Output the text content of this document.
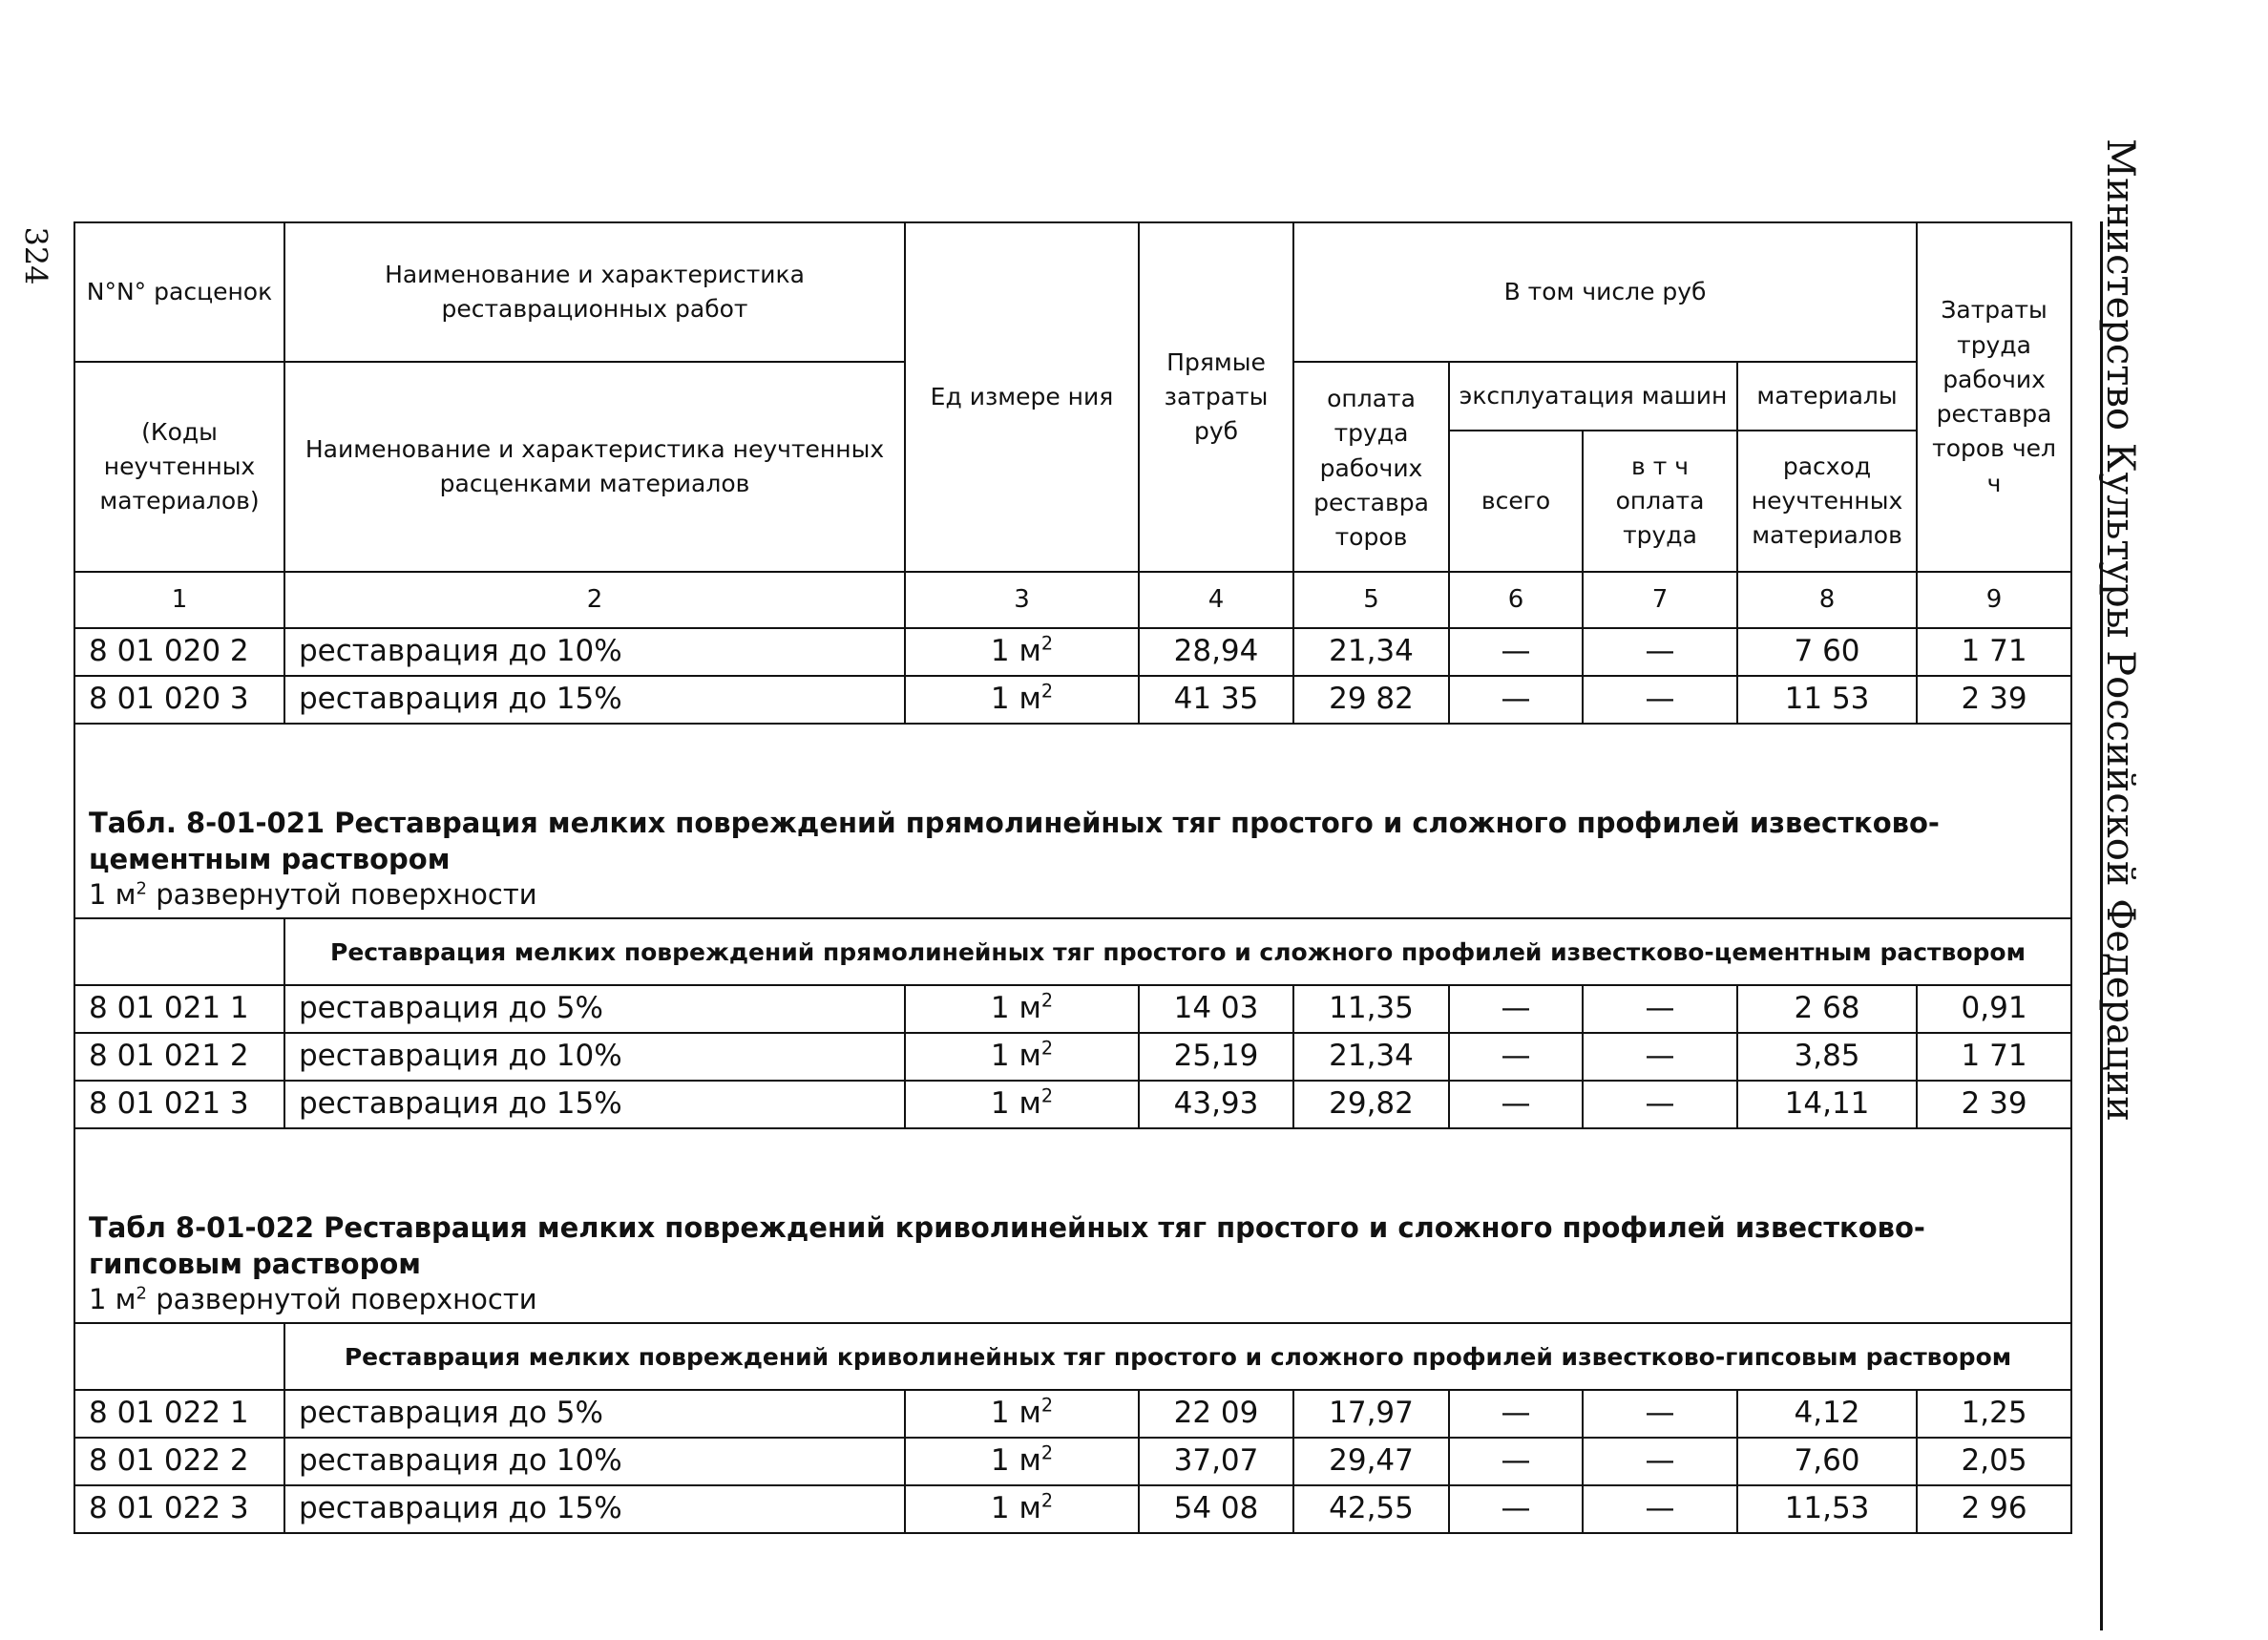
324	Министерство Культуры Российской Федерации
N°N° расценок	Наименование и характеристика реставрационных работ	Ед измере ния	Прямые затраты руб	В том числе руб				Затраты труда рабочих реставра торов чел ч
(Коды неучтенных материалов)	Наименование и характеристика неучтенных расценками материалов			оплата труда рабочих реставра торов	эксплуатация машин		материалы	
					всего	в т ч оплата труда	расход неучтенных материалов	
1	2	3	4	5	6	7	8	9
8 01 020 2	реставрация до 10%	1 $м^2$	28,94	21,34	—	—	7 60	1 71
8 01 020 3	реставрация до 15%	1 $м^2$	41 35	29 82	—	—	11 53	2 39

Табл. 8-01-021 Реставрация мелких повреждений прямолинейных тяг простого и сложного профилей известково-цементным раствором
1 $м^2$ развернутой поверхности								

	Реставрация мелких повреждений прямолинейных тяг простого и сложного профилей известково-цементным раствором							
8 01 021 1	реставрация до 5%	1 $м^2$	14 03	11,35	—	—	2 68	0,91
8 01 021 2	реставрация до 10%	1 $м^2$	25,19	21,34	—	—	3,85	1 71
8 01 021 3	реставрация до 15%	1 $м^2$	43,93	29,82	—	—	14,11	2 39

Табл 8-01-022 Реставрация мелких повреждений криволинейных тяг простого и сложного профилей известково-гипсовым раствором
1 $м^2$ развернутой поверхности								

	Реставрация мелких повреждений криволинейных тяг простого и сложного профилей известково-гипсовым раствором							
8 01 022 1	реставрация до 5%	1 $м^2$	22 09	17,97	—	—	4,12	1,25
8 01 022 2	реставрация до 10%	1 $м^2$	37,07	29,47	—	—	7,60	2,05
8 01 022 3	реставрация до 15%	1 $м^2$	54 08	42,55	—	—	11,53	2 96
